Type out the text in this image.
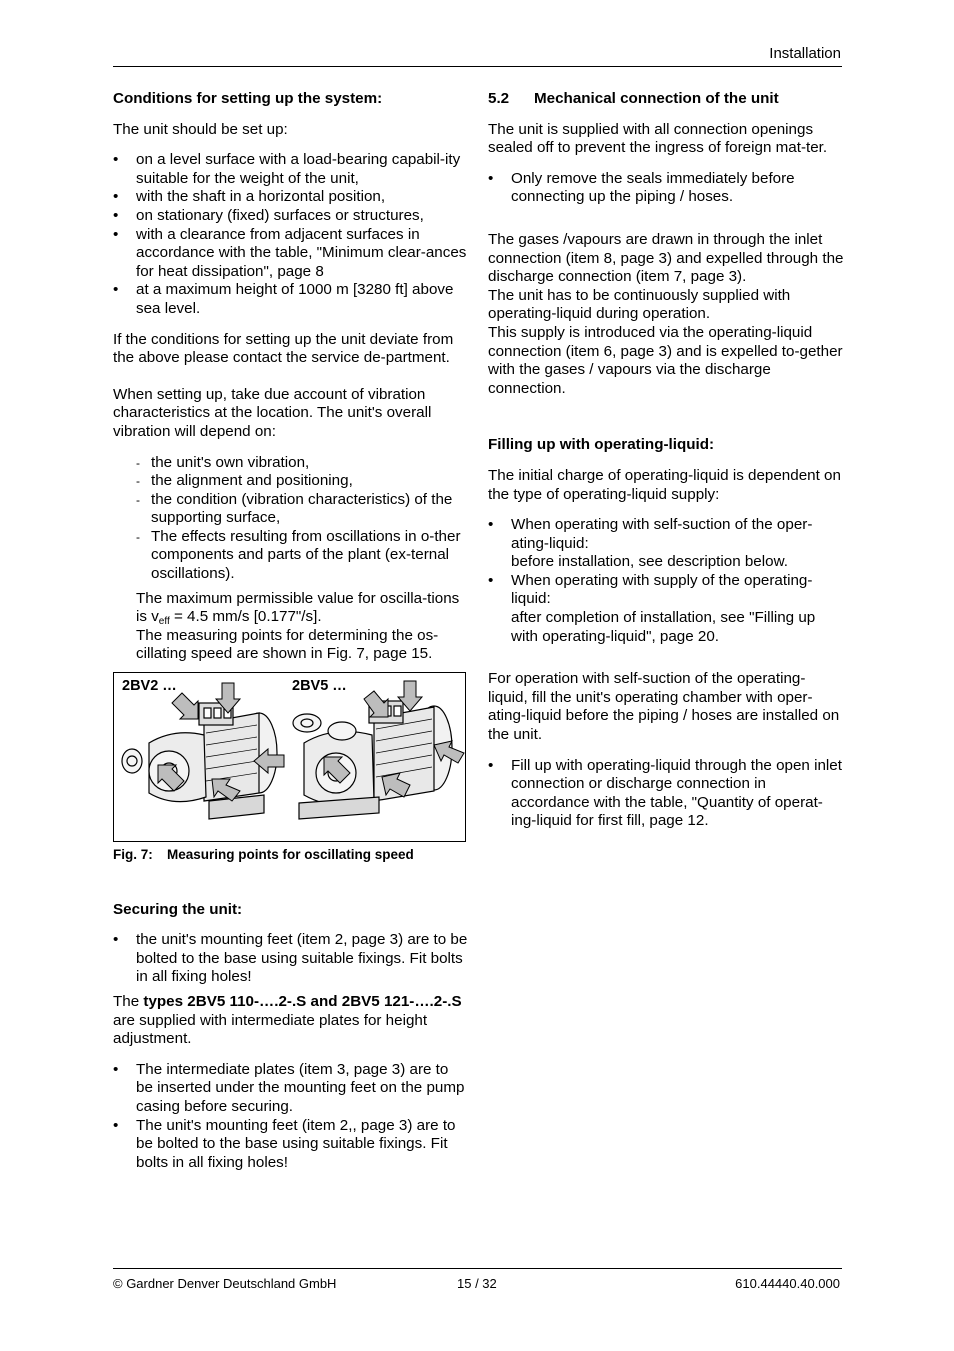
Installation

Conditions for setting up the system:

The unit should be set up:

• on a level surface with a load-bearing capabil-ity suitable for the weight of the unit,
• with the shaft in a horizontal position,
• on stationary (fixed) surfaces or structures,
• with a clearance from adjacent surfaces in accordance with the table, "Minimum clear-ances for heat dissipation", page 8
• at a maximum height of 1000 m [3280 ft] above sea level.

If the conditions for setting up the unit deviate from the above please contact the service de-partment.

When setting up, take due account of vibration characteristics at the location. The unit's overall vibration will depend on:

- the unit's own vibration,
- the alignment and positioning,
- the condition (vibration characteristics) of the supporting surface,
- The effects resulting from oscillations in o-ther components and parts of the plant (ex-ternal oscillations).

The maximum permissible value for oscilla-tions is $v_{eff} = 4.5$ mm/s [0.177"/s].

The measuring points for determining the os-cillating speed are shown in Fig. 7, page 15.

2BV2 …	2BV5 …

Fig. 7: Measuring points for oscillating speed

Securing the unit:

• the unit's mounting feet (item 2, page 3) are to be bolted to the base using suitable fixings. Fit bolts in all fixing holes!

The types 2BV5 110-….2-.S and 2BV5 121-….2-.S are supplied with intermediate plates for height adjustment.

• The intermediate plates (item 3, page 3) are to be inserted under the mounting feet on the pump casing before securing.
• The unit's mounting feet (item 2,, page 3) are to be bolted to the base using suitable fixings. Fit bolts in all fixing holes!

5.2 Mechanical connection of the unit

The unit is supplied with all connection openings sealed off to prevent the ingress of foreign mat-ter.

• Only remove the seals immediately before connecting up the piping / hoses.

The gases /vapours are drawn in through the inlet connection (item 8, page 3) and expelled through the discharge connection (item 7, page 3).

The unit has to be continuously supplied with operating-liquid during operation.

This supply is introduced via the operating-liquid connection (item 6, page 3) and is expelled to-gether with the gases / vapours via the discharge connection.

Filling up with operating-liquid:

The initial charge of operating-liquid is dependent on the type of operating-liquid supply:

• When operating with self-suction of the oper-ating-liquid:
before installation, see description below.
• When operating with supply of the operating-liquid:
after completion of installation, see "Filling up with operating-liquid", page 20.

For operation with self-suction of the operating-liquid, fill the unit's operating chamber with oper-ating-liquid before the piping / hoses are installed on the unit.

• Fill up with operating-liquid through the open inlet connection or discharge connection in accordance with the table, "Quantity of operat-ing-liquid for first fill, page 12.
© Gardner Denver Deutschland GmbH	15 / 32	610.44440.40.000
